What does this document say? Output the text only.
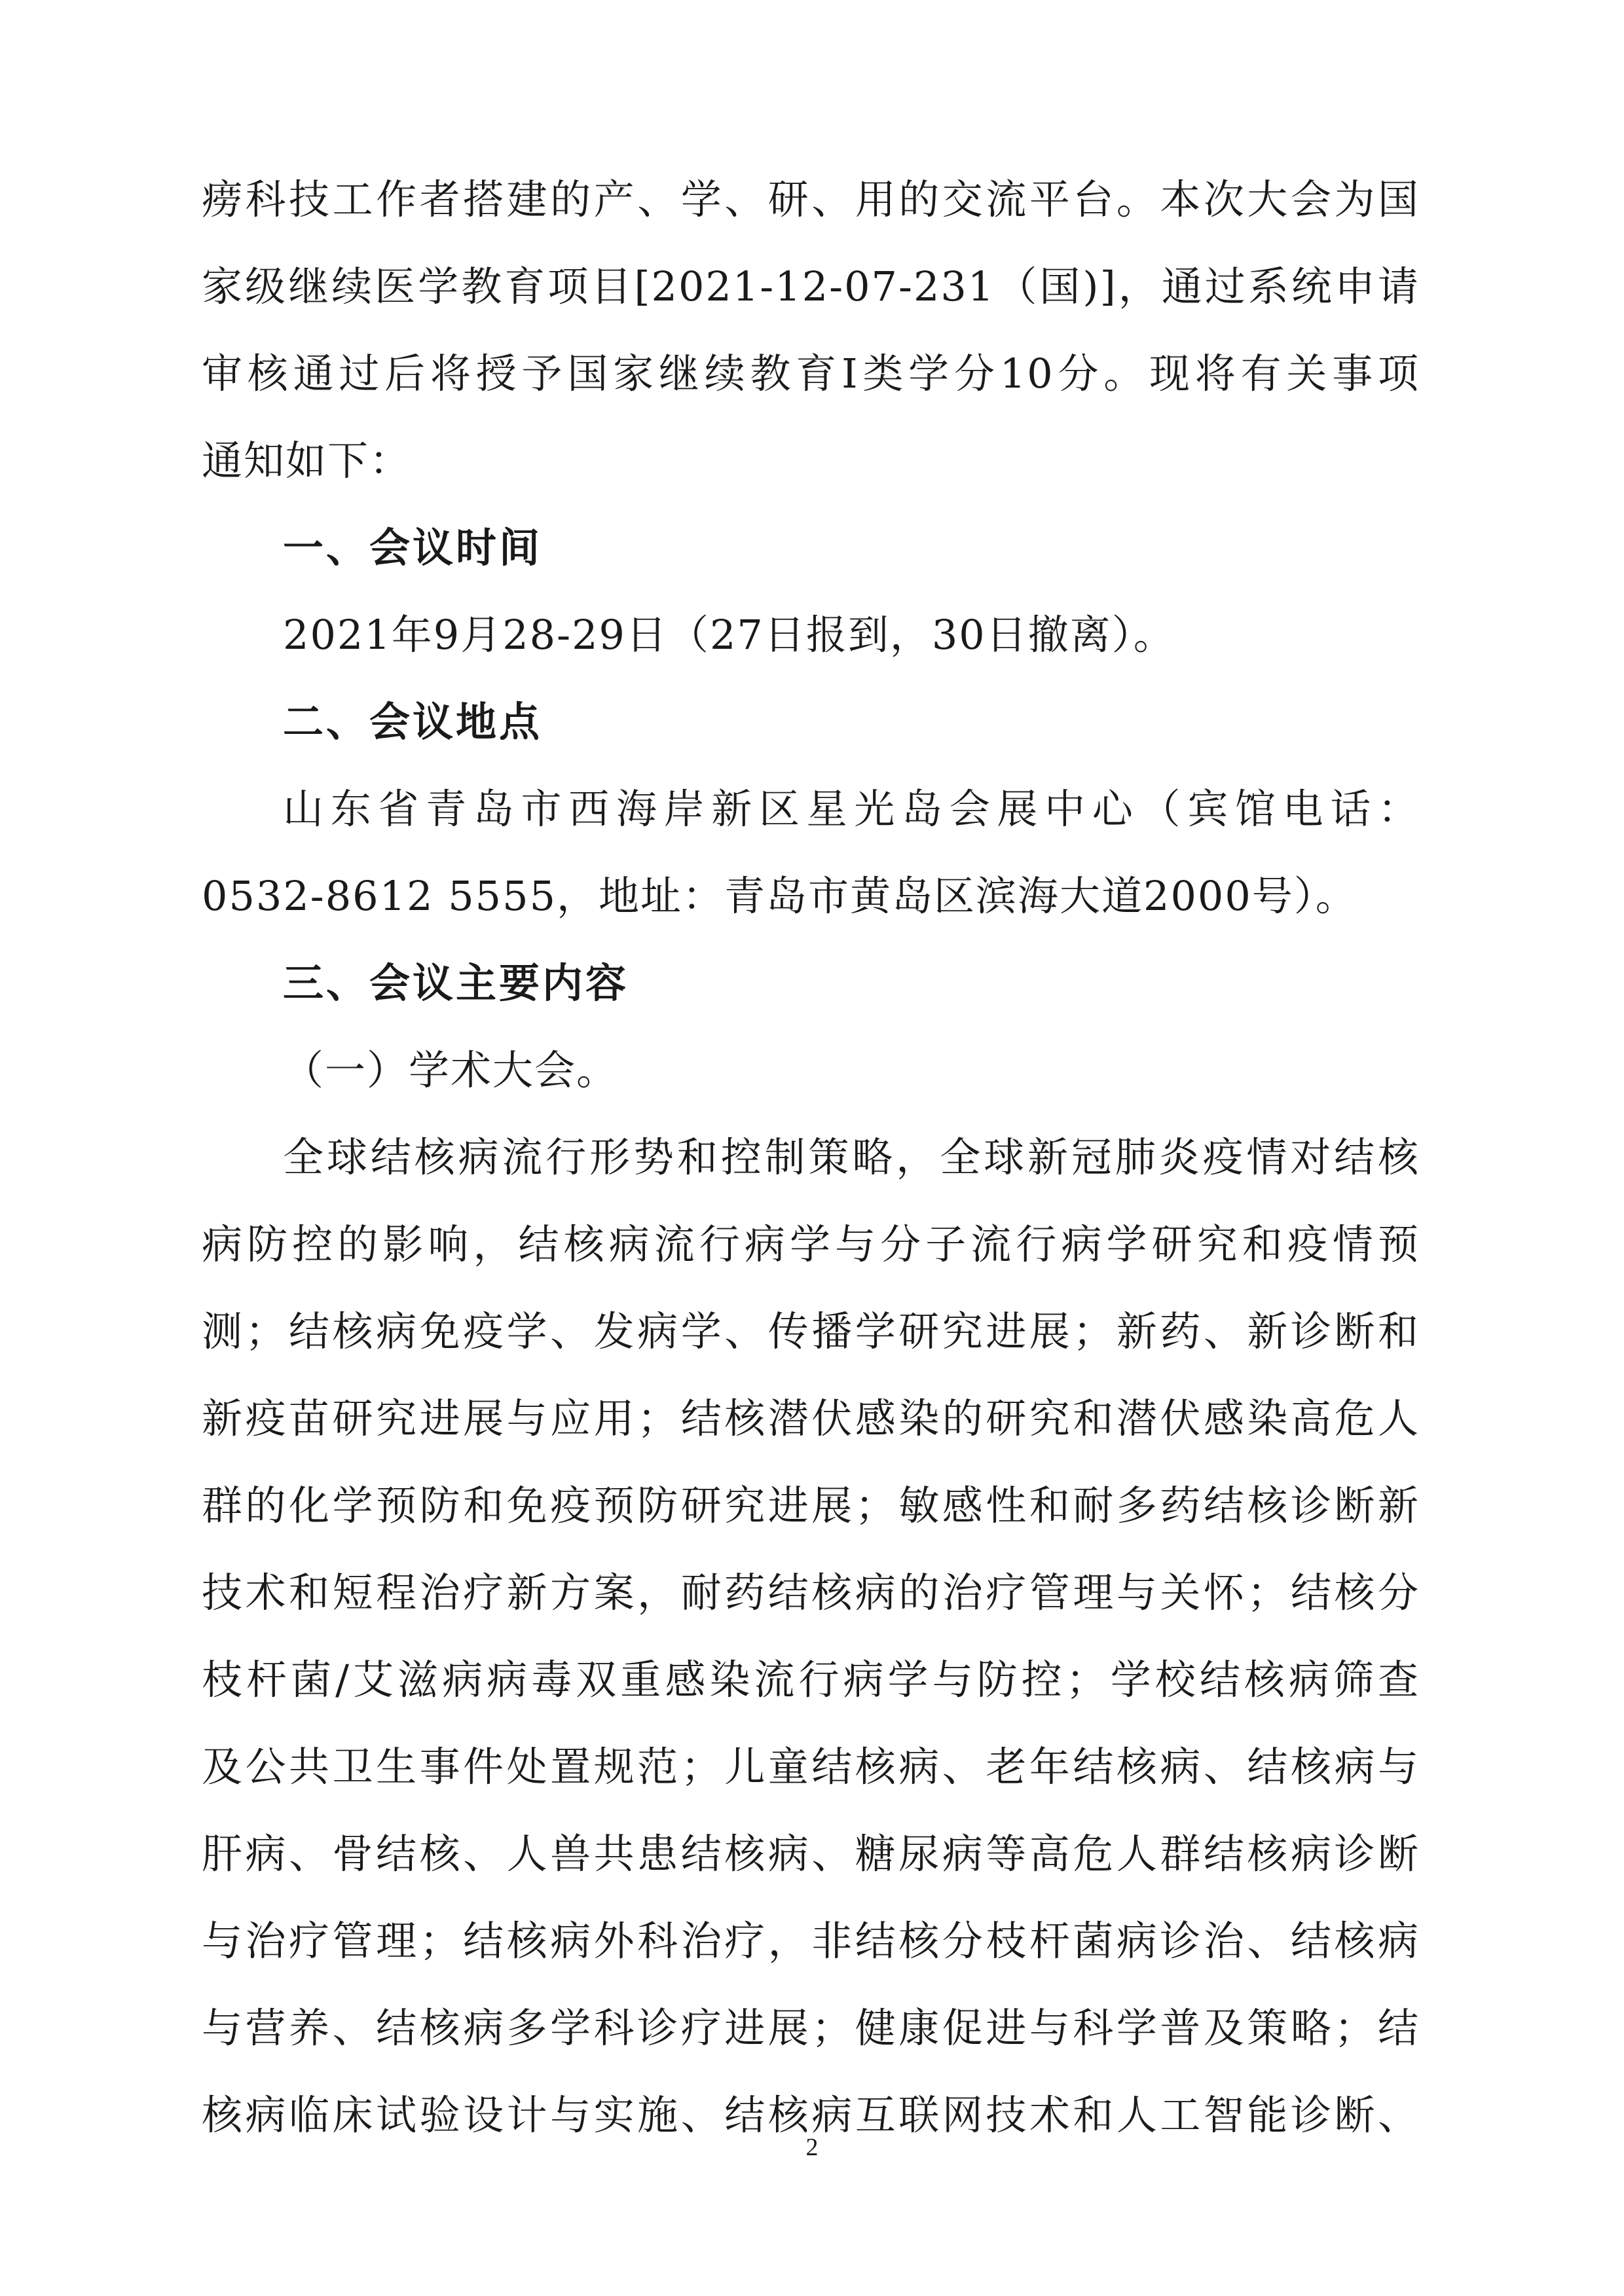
痨科技工作者搭建的产、学、研、用的交流平台。本次大会为国
家级继续医学教育项目[2021-12-07-231（国)]，通过系统申请
审核通过后将授予国家继续教育Ⅰ类学分10分。现将有关事项
通知如下：
一、会议时间
2021年9月28-29日（27日报到，30日撤离）。
二、会议地点
山东省青岛市西海岸新区星光岛会展中心（宾馆电话：
0532-8612 5555，地址：青岛市黄岛区滨海大道2000号）。
三、会议主要内容
（一）学术大会。
全球结核病流行形势和控制策略，全球新冠肺炎疫情对结核
病防控的影响，结核病流行病学与分子流行病学研究和疫情预
测；结核病免疫学、发病学、传播学研究进展；新药、新诊断和
新疫苗研究进展与应用；结核潜伏感染的研究和潜伏感染高危人
群的化学预防和免疫预防研究进展；敏感性和耐多药结核诊断新
技术和短程治疗新方案，耐药结核病的治疗管理与关怀；结核分
枝杆菌/艾滋病病毒双重感染流行病学与防控；学校结核病筛查
及公共卫生事件处置规范；儿童结核病、老年结核病、结核病与
肝病、骨结核、人兽共患结核病、糖尿病等高危人群结核病诊断
与治疗管理；结核病外科治疗，非结核分枝杆菌病诊治、结核病
与营养、结核病多学科诊疗进展；健康促进与科学普及策略；结
核病临床试验设计与实施、结核病互联网技术和人工智能诊断、
2
